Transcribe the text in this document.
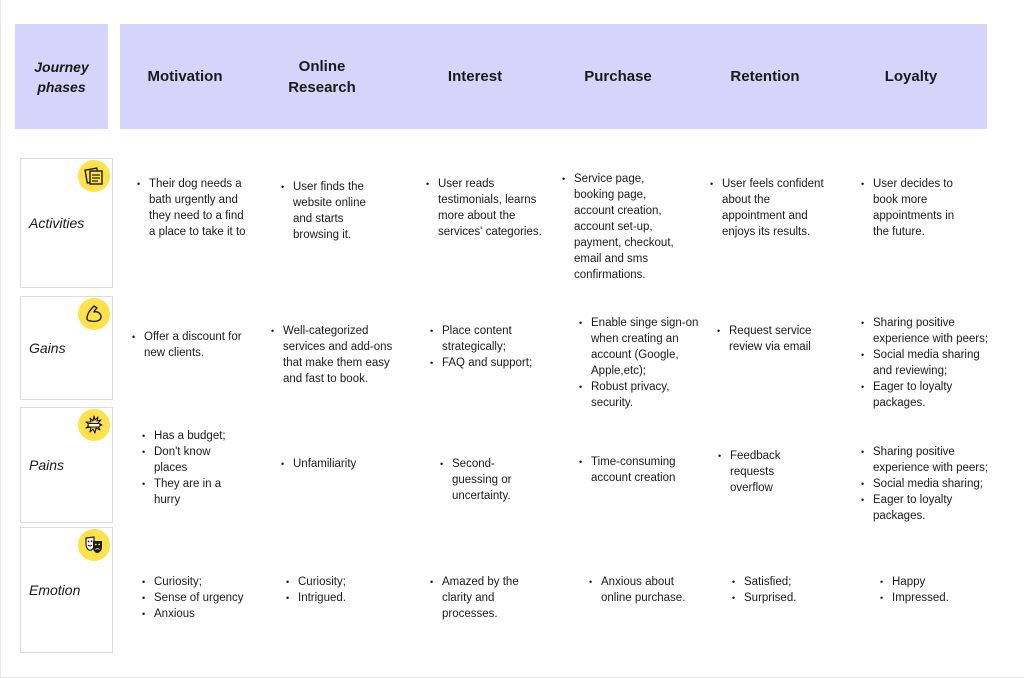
Journey
phases
Motivation
Online Research
Interest	Purchase	Retention	Loyalty
Activities
Gains
Pains
Emotion
• Their dog needs a bath urgently and they need to a find a place to take it to
• User finds the website online and starts browsing it.
• User reads testimonials, learns more about the services' categories.
• Service page, booking page, account creation, account set-up, payment, checkout, email and sms confirmations.
• User feels confident about the appointment and enjoys its results.
• User decides to book more appointments in the future.
• Offer a discount for new clients.
• Well-categorized services and add-ons that make them easy and fast to book.
• Place content strategically;
• FAQ and support;
• Enable singe sign-on when creating an account (Google, Apple,etc);
• Robust privacy, security.
• Request service review via email
• Sharing positive experience with peers;
• Social media sharing and reviewing;
• Eager to loyalty packages.
• Has a budget;
• Don't know places
• They are in a hurry
• Unfamiliarity
•	Second-guessing or uncertainty.
• Time-consuming account creation
• Feedback requests overflow
• Sharing positive experience with peers;
• Social media sharing;
• Eager to loyalty packages.
• Curiosity;
• Sense of urgency
• Anxious
• Curiosity;
• Intrigued.
• Amazed by the clarity and processes.
• Anxious about online purchase.
• Satisfied;
• Surprised.
• Happy
• Impressed.
